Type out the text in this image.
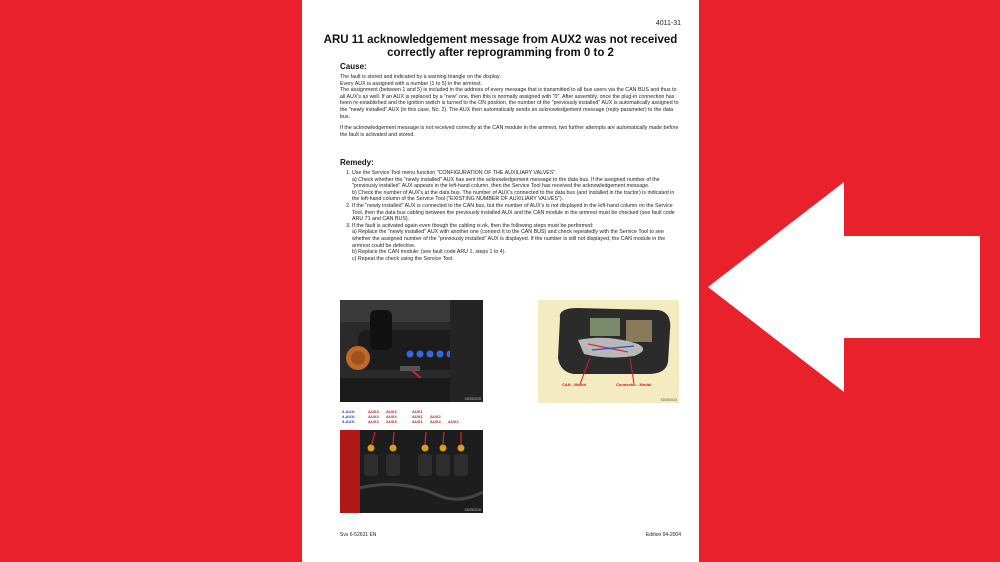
4011-31
ARU 11 acknowledgement message from AUX2 was not received
correctly after reprogramming from 0 to 2
Cause:

The fault is stored and indicated by a warning triangle on the display.

Every AUX is assigned with a number (1 to 5) in the armrest.

The assignment (between 1 and 5) is included in the address of every message that is transmitted to all bus users via the CAN BUS and thus to all AUX's as well. If an AUX is replaced by a "new" one, then this is normally assigned with "0". After assembly, once the plug-in connection has been re-established and the ignition switch is turned to the ON position, the number of the "previously installed" AUX is automatically assigned to the "newly installed" AUX (in this case, No. 2). The AUX then automatically sends an acknowledgement message (reply parameter) to the data bus.

If the acknowledgement message is not received correctly at the CAN module in the armrest, two further attempts are automatically made before the fault is activated and stored.

Remedy:
1. Use the Service Tool menu function "CONFIGURATION OF THE AUXILIARY VALVES".
a) Check whether the "newly installed" AUX has sent the acknowledgement message to the data bus. If the assigned number of the "previously installed" AUX appears in the left-hand column, then the Service Tool has received the acknowledgement message.
b) Check the number of AUX's at the data bus. The number of AUX's connected to the data bus (and installed in the tractor) is indicated in the left-hand column of the Service Tool ("EXISTING NUMBER OF AUXILIARY VALVES").
2. If the "newly installed" AUX is connected to the CAN bus, but the number of AUX's is not displayed in the left-hand column on the Service Tool, then the data bus cabling between the previously installed AUX and the CAN module in the armrest must be checked (see fault code ARU 71 and CAN BUS).
3. If the fault is activated again even though the cabling is ok, then the following steps must be performed:
a) Replace the "newly installed" AUX with another one (connect it to the CAN BUS) and check repeatedly with the Service Tool to see whether the assigned number of the "previously installed" AUX is displayed. If the number is still not displayed, the CAN module in the armrest could be defective.
b) Replace the CAN module: (see fault code ARU 1, steps 1 to 4).
c) Repeat the check using the Service Tool.
SD050025
CAN - Modul	Connector - Modul
SD050024
3-AUX:
4-AUX:
5-AUX:
AUX3 AUX2	AUX1
AUX3 AUX4	AUX1 AUX2
AUX3 AUX5	AUX1 AUX4 AUX2
SD050026
Svs 6-52631 EN	Edition 04-2004
